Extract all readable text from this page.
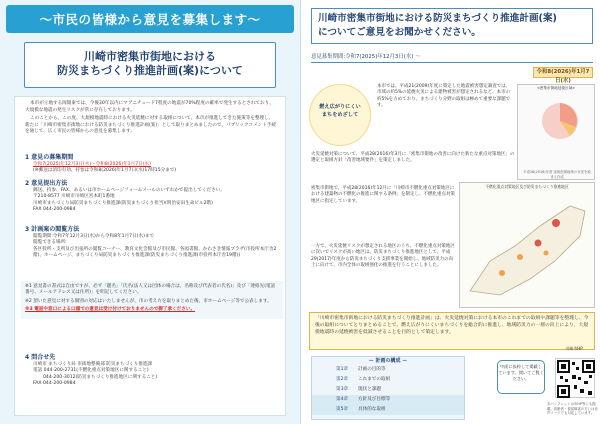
～市民の皆様から意見を募集します～
川崎市密集市街地における
防災まちづくり推進計画(案)について

本市が立地する岡開東では、今後30年以内にマグニチュード7程度の地震が70%程度の確率で発生するとされており、大規模な地震の発生リスクが常に存在しております。

このことから、この度、大規模地震時における火災延焼に対する取組について、本市が推進してきた施策等を整理し、新たに「川崎市密集市街地における防災まちづくり推進計画(案)」として取りまとめましたので、パブリックコメント手続を通じて、広く市民の皆様からの意見を募集します。

1 意見の募集期間
令和7(2025)年12月3日(水)～令和8(2026)年1月7日(水)
(※郵送は消印有効、持参は令和8(2026)年1月7日(水)17時15分まで)
2 意見提出方法
郵送、持参、FAX、あるいは市ホームページフォームメールのいずれかで提出してください。
〒210-8577 川崎市川崎区宮本町1番地
川崎市まちづくり局防災まちづくり推進課(防災まちづくり担当)(明治安田生命ビル2階)
FAX 044-200-0984
3 計画案の閲覧方法
閲覧期間:令和7年12月3日(水)から令和8年1月7日(水)まで
閲覧できる場所:
各区役所・支所及び出張所の閲覧コーナー、教育文化会館及び市民館、各図書館、かわさき情報プラザ(市役所本庁舎2階)、ホームページ、まちづくり局防災まちづくり推進課(防災まちづくり推進課(市役所本庁舎19階))
※1 意見書の書式は自由ですが、必ず「題名」「氏名(法人又は団体の場合は、名称及び代表者の氏名)」及び「連絡先(電話番号、メールアドレス又は住所)」を明記してください。
※2 頂いた意見に対する個別の対応はいたしませんが、市の考え方を取りまとめた後、市ホームページ等で公表します。
※3 電話や窓口による口頭での意見は受け付けておりませんので御了承ください。
4 問合せ先
川崎市 まちづくり局 市街地整備部 防災まちづくり推進課
電話 044-200-2731(不燃化重点対策地区に関すること)
044-200-3012(防災まちづくり推進地区に関すること)
FAX 044-200-0984
川崎市密集市街地における防災まちづくり推進計画(案)
についてご意見をお聞かせください。
意見募集期間:令和7(2025)年12月3日(水) ～
令和8(2026)年1月7日(水)
燃え広がりにくい
まちをめざして
本市では、平成21(2009)年度に策定した地震被害想定調査では、市域の約5%の延焼火災による建物被害が想定されるなど、本市の約5%を占めており、まちづくり分野の取組は極めて重要な課題です。
<密集市街地延焼区域>
平成28(2016)年度 延焼危険地域の状況を踏まえ作成
火災延焼対策について、平成28(2016)年3月に「密集市街地の改善に向けた新たな重点対策地区」の選定と取組方針「改善地域要件」を策定しました。
密集市街地で、平成28(2016)年12月に「川崎市不燃化重点対策地区における建築物の不燃化の推進に関する条例」を制定し、不燃化重点対策地区に指定しています。
一方で、火災延焼リスクが想定される地区のうち、不燃化重点対策地区に次いでリスクが高い地区は、防災まちづくり推進地区として、平成29(2017)年度から防災まちづくり支援事業を開始し、地域防災力の向上に向けて、市内全体の取組強化の推進を行うことにしました。
不燃化重点対策地区及び防災まちづくり推進地区
「川崎市密集市街地における防災まちづくり推進計画」は、火災延焼対策における本市のこれまでの取組や課題等を整理し、今後の取組についてとりまとめることで、燃え広がりにくいまちづくりを総合的に推進し、地域防災力の一層の向上により、大規模地震時の延焼被害を低減させることを目的として策定します。
ー 計画の構成 ー
第1章	計画の目的等
第2章	これまでの取組
第3章	現状と課題
第4章	方針及び目標等
第5章	具体的な取組
中面に抜粋して掲載しています。開いてご覧ください。
川崎市HP
本パンフレットは市HP等にも掲載。高齢者・視覚障害の方には音声コードでも対応しています。
